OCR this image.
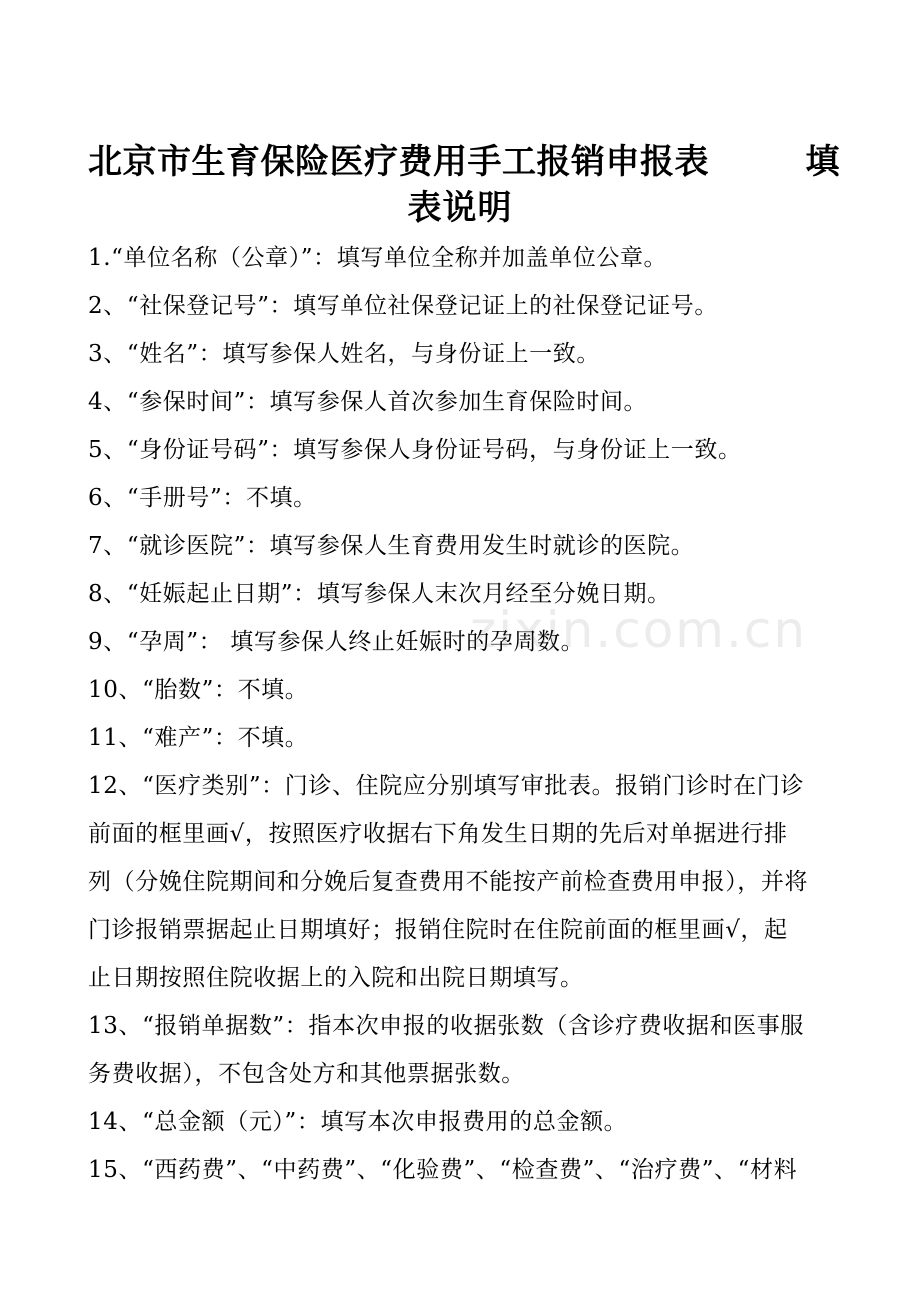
北京市生育保险医疗费用手工报销申报表	填
表说明
1.“单位名称（公章）”：填写单位全称并加盖单位公章。
2、“社保登记号”：填写单位社保登记证上的社保登记证号。
3、“姓名”：填写参保人姓名，与身份证上一致。
4、“参保时间”：填写参保人首次参加生育保险时间。
5、“身份证号码”：填写参保人身份证号码，与身份证上一致。
6、“手册号”：不填。
7、“就诊医院”：填写参保人生育费用发生时就诊的医院。
8、“妊娠起止日期”：填写参保人末次月经至分娩日期。
9、“孕周”： 填写参保人终止妊娠时的孕周数。
10、“胎数”：不填。
11、“难产”：不填。
12、“医疗类别”：门诊、住院应分别填写审批表。报销门诊时在门诊
前面的框里画√，按照医疗收据右下角发生日期的先后对单据进行排
列（分娩住院期间和分娩后复查费用不能按产前检查费用申报），并将
门诊报销票据起止日期填好；报销住院时在住院前面的框里画√，起
止日期按照住院收据上的入院和出院日期填写。
13、“报销单据数”：指本次申报的收据张数（含诊疗费收据和医事服
务费收据），不包含处方和其他票据张数。
14、“总金额（元）”：填写本次申报费用的总金额。
15、“西药费”、“中药费”、“化验费”、“检查费”、“治疗费”、“材料
zixin.com.cn
